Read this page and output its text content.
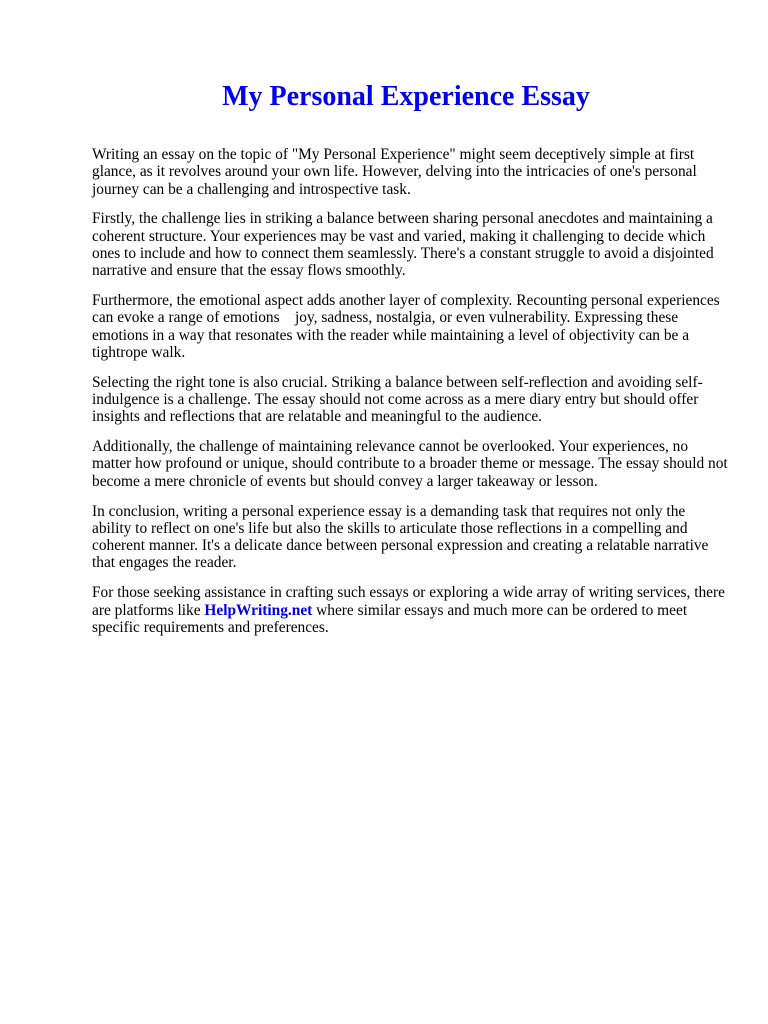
My Personal Experience Essay

Writing an essay on the topic of "My Personal Experience" might seem deceptively simple at first glance, as it revolves around your own life. However, delving into the intricacies of one's personal journey can be a challenging and introspective task.

Firstly, the challenge lies in striking a balance between sharing personal anecdotes and maintaining a coherent structure. Your experiences may be vast and varied, making it challenging to decide which ones to include and how to connect them seamlessly. There's a constant struggle to avoid a disjointed narrative and ensure that the essay flows smoothly.

Furthermore, the emotional aspect adds another layer of complexity. Recounting personal experiences can evoke a range of emotions    joy, sadness, nostalgia, or even vulnerability. Expressing these emotions in a way that resonates with the reader while maintaining a level of objectivity can be a tightrope walk.

Selecting the right tone is also crucial. Striking a balance between self-reflection and avoiding self-indulgence is a challenge. The essay should not come across as a mere diary entry but should offer insights and reflections that are relatable and meaningful to the audience.

Additionally, the challenge of maintaining relevance cannot be overlooked. Your experiences, no matter how profound or unique, should contribute to a broader theme or message. The essay should not become a mere chronicle of events but should convey a larger takeaway or lesson.

In conclusion, writing a personal experience essay is a demanding task that requires not only the ability to reflect on one's life but also the skills to articulate those reflections in a compelling and coherent manner. It's a delicate dance between personal expression and creating a relatable narrative that engages the reader.

For those seeking assistance in crafting such essays or exploring a wide array of writing services, there are platforms like HelpWriting.net where similar essays and much more can be ordered to meet specific requirements and preferences.
